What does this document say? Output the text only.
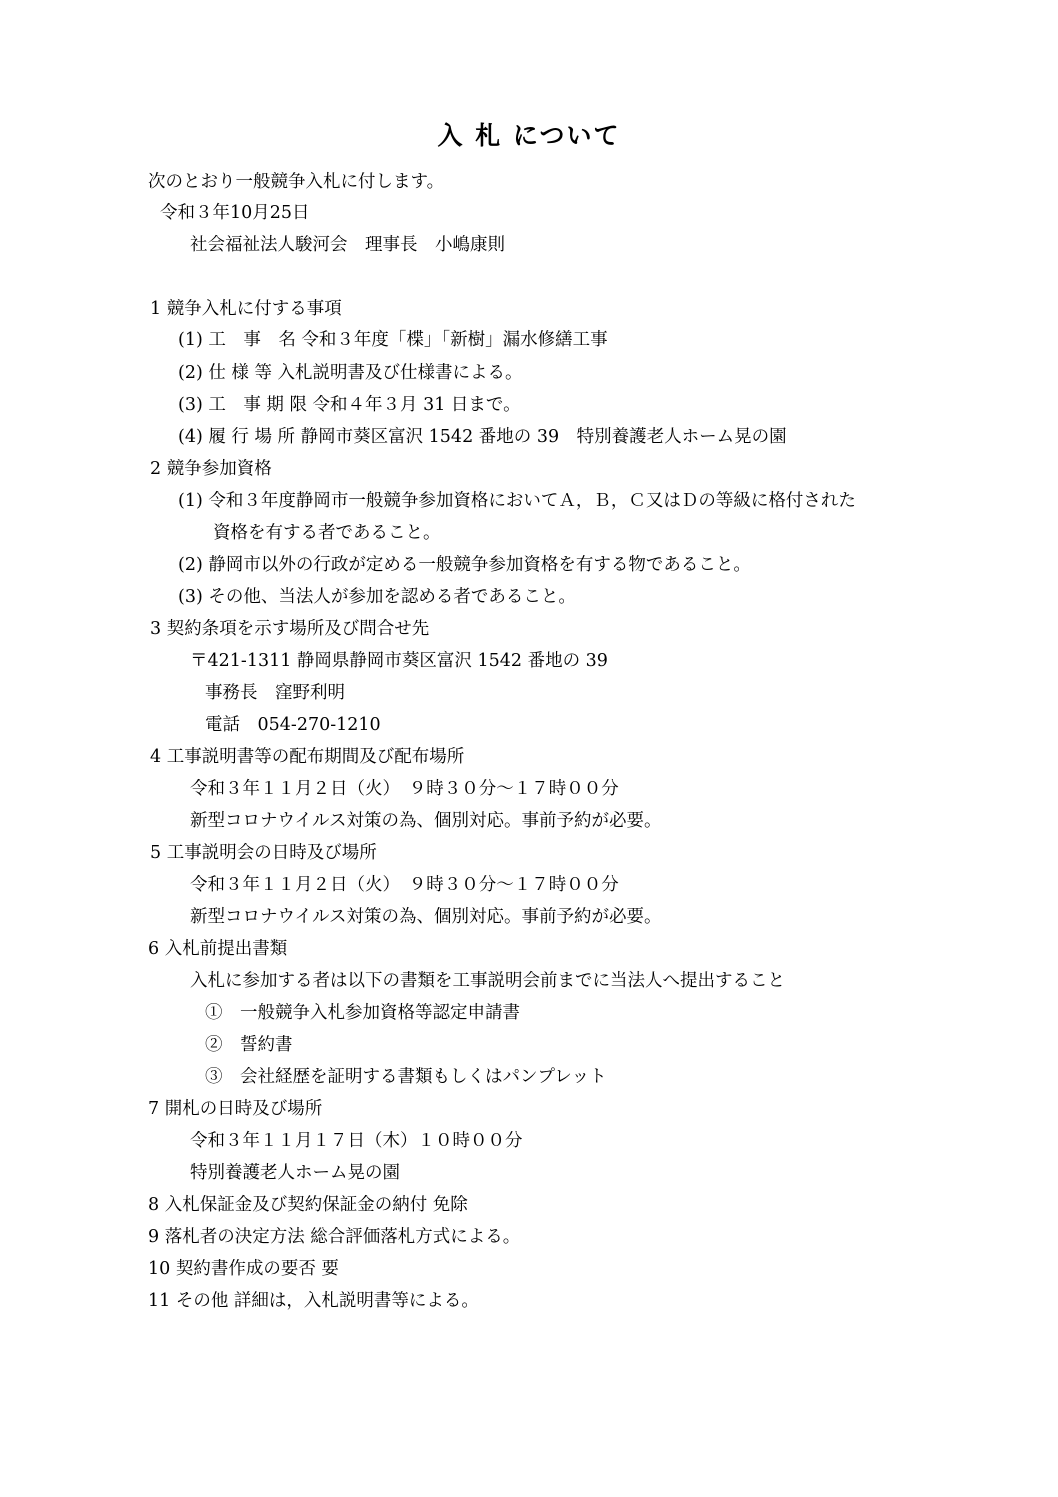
入 札 について
次のとおり一般競争入札に付します。
令和３年10月25日
社会福祉法人駿河会　理事長　小嶋康則
1 競争入札に付する事項
(1) 工　事　名 令和３年度「楪」「新樹」漏水修繕工事
(2) 仕 様 等 入札説明書及び仕様書による。
(3) 工　事 期 限 令和４年３月 31 日まで。
(4) 履 行 場 所 静岡市葵区富沢 1542 番地の 39　特別養護老人ホーム晃の園
2 競争参加資格
(1) 令和３年度静岡市一般競争参加資格においてＡ，Ｂ，Ｃ又はＤの等級に格付された
資格を有する者であること。
(2) 静岡市以外の行政が定める一般競争参加資格を有する物であること。
(3) その他、当法人が参加を認める者であること。
3 契約条項を示す場所及び問合せ先
〒421-1311 静岡県静岡市葵区富沢 1542 番地の 39
事務長　窪野利明
電話　054-270-1210
4 工事説明書等の配布期間及び配布場所
令和３年１１月２日（火）　９時３０分～１７時００分
新型コロナウイルス対策の為、個別対応。事前予約が必要。
5 工事説明会の日時及び場所
令和３年１１月２日（火）　９時３０分～１７時００分
新型コロナウイルス対策の為、個別対応。事前予約が必要。
6 入札前提出書類
入札に参加する者は以下の書類を工事説明会前までに当法人へ提出すること
①　一般競争入札参加資格等認定申請書
②　誓約書
③　会社経歴を証明する書類もしくはパンプレット
7 開札の日時及び場所
令和３年１１月１７日（木）１０時００分
特別養護老人ホーム晃の園
8 入札保証金及び契約保証金の納付 免除
9 落札者の決定方法 総合評価落札方式による。
10 契約書作成の要否 要
11 その他 詳細は，入札説明書等による。
